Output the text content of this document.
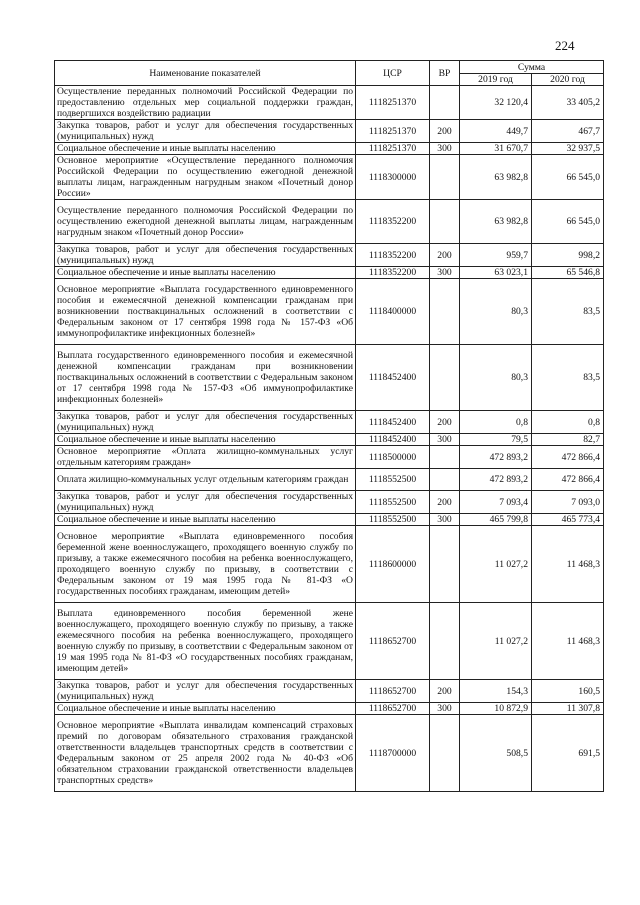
224
Наименование показателей	ЦСР	ВР	Сумма	
			2019 год	2020 год
Осуществление переданных полномочий Российской Федерации по предоставлению отдельных мер социальной поддержки граждан, подвергшихся воздействию радиации	1118251370		32 120,4	33 405,2
Закупка товаров, работ и услуг для обеспечения государственных (муниципальных) нужд	1118251370	200	449,7	467,7
Социальное обеспечение и иные выплаты населению	1118251370	300	31 670,7	32 937,5
Основное мероприятие «Осуществление переданного полномочия Российской Федерации по осуществлению ежегодной денежной выплаты лицам, награжденным нагрудным знаком «Почетный донор России»	1118300000		63 982,8	66 545,0
Осуществление переданного полномочия Российской Федерации по осуществлению ежегодной денежной выплаты лицам, награжденным нагрудным знаком «Почетный донор России»	1118352200		63 982,8	66 545,0
Закупка товаров, работ и услуг для обеспечения государственных (муниципальных) нужд	1118352200	200	959,7	998,2
Социальное обеспечение и иные выплаты населению	1118352200	300	63 023,1	65 546,8
Основное мероприятие «Выплата государственного единовременного пособия и ежемесячной денежной компенсации гражданам при возникновении поствакцинальных осложнений в соответствии с Федеральным законом от 17 сентября 1998 года № 157-ФЗ «Об иммунопрофилактике инфекционных болезней»	1118400000		80,3	83,5
Выплата государственного единовременного пособия и ежемесячной денежной компенсации гражданам при возникновении поствакцинальных осложнений в соответствии с Федеральным законом от 17 сентября 1998 года № 157-ФЗ «Об иммунопрофилактике инфекционных болезней»	1118452400		80,3	83,5
Закупка товаров, работ и услуг для обеспечения государственных (муниципальных) нужд	1118452400	200	0,8	0,8
Социальное обеспечение и иные выплаты населению	1118452400	300	79,5	82,7
Основное мероприятие «Оплата жилищно-коммунальных услуг отдельным категориям граждан»	1118500000		472 893,2	472 866,4
Оплата жилищно-коммунальных услуг отдельным категориям граждан	1118552500		472 893,2	472 866,4
Закупка товаров, работ и услуг для обеспечения государственных (муниципальных) нужд	1118552500	200	7 093,4	7 093,0
Социальное обеспечение и иные выплаты населению	1118552500	300	465 799,8	465 773,4
Основное мероприятие «Выплата единовременного пособия беременной жене военнослужащего, проходящего военную службу по призыву, а также ежемесячного пособия на ребенка военнослужащего, проходящего военную службу по призыву, в соответствии с Федеральным законом от 19 мая 1995 года № 81-ФЗ «О государственных пособиях гражданам, имеющим детей»	1118600000		11 027,2	11 468,3
Выплата единовременного пособия беременной жене военнослужащего, проходящего военную службу по призыву, а также ежемесячного пособия на ребенка военнослужащего, проходящего военную службу по призыву, в соответствии с Федеральным законом от 19 мая 1995 года № 81-ФЗ «О государственных пособиях гражданам, имеющим детей»	1118652700		11 027,2	11 468,3
Закупка товаров, работ и услуг для обеспечения государственных (муниципальных) нужд	1118652700	200	154,3	160,5
Социальное обеспечение и иные выплаты населению	1118652700	300	10 872,9	11 307,8
Основное мероприятие «Выплата инвалидам компенсаций страховых премий по договорам обязательного страхования гражданской ответственности владельцев транспортных средств в соответствии с Федеральным законом от 25 апреля 2002 года № 40-ФЗ «Об обязательном страховании гражданской ответственности владельцев транспортных средств»	1118700000		508,5	691,5
